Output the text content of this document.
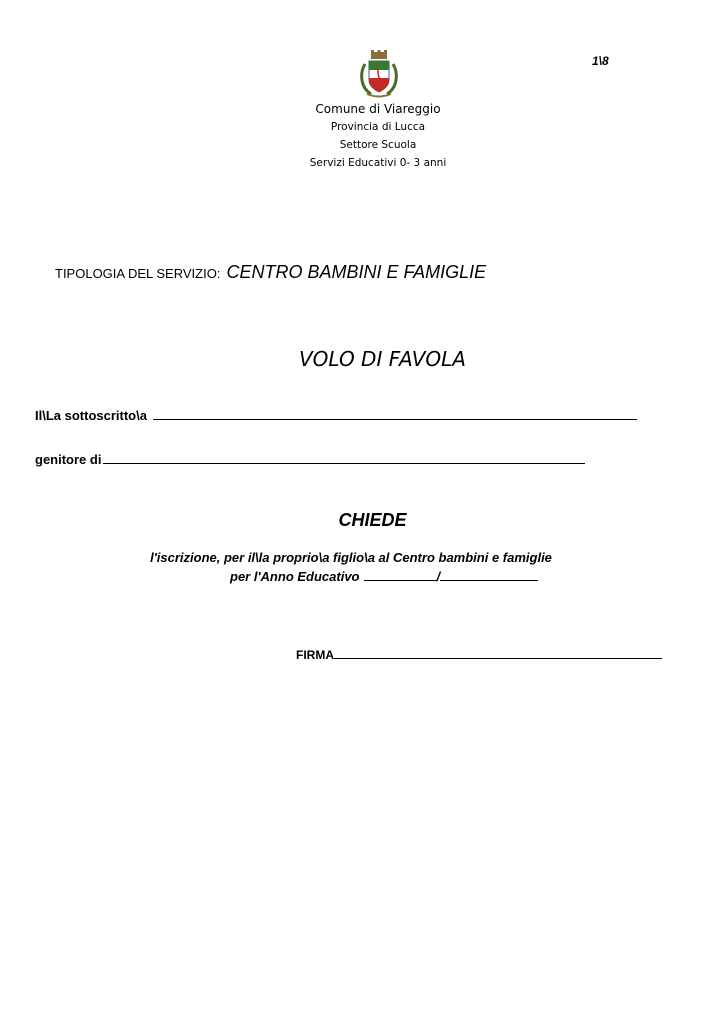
1\8
Comune di Viareggio
Provincia di Lucca
Settore Scuola
Servizi Educativi 0- 3 anni
TIPOLOGIA DEL SERVIZIO: CENTRO BAMBINI E FAMIGLIE
VOLO DI FAVOLA
Il\La sottoscritto\a
genitore di
CHIEDE
l'iscrizione, per il\la proprio\a figlio\a al Centro bambini e famiglie
per l'Anno Educativo	/
FIRMA
